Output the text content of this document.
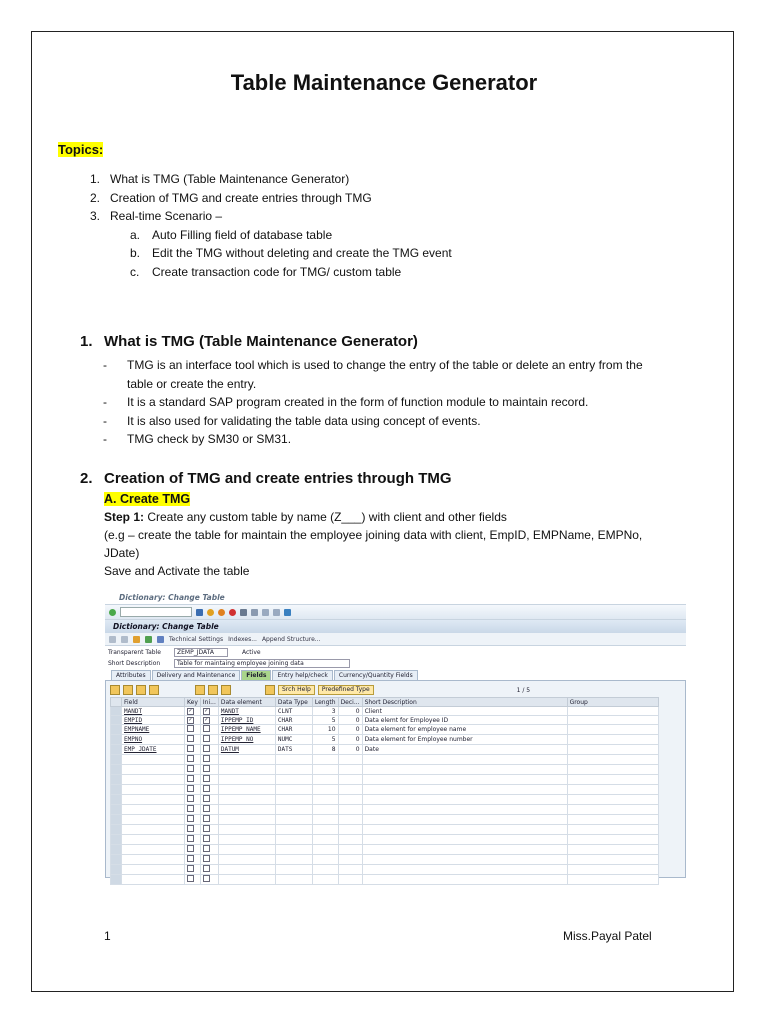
Table Maintenance Generator
Topics:
1. What is TMG (Table Maintenance Generator)
2. Creation of TMG and create entries through TMG
3. Real-time Scenario –
a. Auto Filling field of database table
b. Edit the TMG without deleting and create the TMG event
c.	Create transaction code for TMG/ custom table
1. What is TMG (Table Maintenance Generator)
-	TMG is an interface tool which is used to change the entry of the table or delete an entry from the table or create the entry.
-	It is a standard SAP program created in the form of function module to maintain record.
-	It is also used for validating the table data using concept of events.
-	TMG check by SM30 or SM31.
2. Creation of TMG and create entries through TMG
A. Create TMG
Step 1: Create any custom table by name (Z___) with client and other fields
(e.g – create the table for maintain the employee joining data with client, EmpID, EMPName, EMPNo, JDate)
Save and Activate the table
Dictionary: Change Table
Dictionary: Change Table
Technical Settings Indexes... Append Structure...
Transparent Table	ZEMP_JDATA	Active
Short Description	Table for maintaing employee joining data
Attributes	Delivery and Maintenance	Fields	Entry help/check	Currency/Quantity Fields
Srch Help	Predefined Type	1 / 5
	Field	Key	Ini...	Data element	Data Type	Length	Deci...	Short Description	Group
	MANDT	✓	✓	MANDT	CLNT	3	0	Client	
	EMPID	✓	✓	IPPEMP_ID	CHAR	5	0	Data elemt for Employee ID	
	EMPNAME			IPPEMP_NAME	CHAR	10	0	Data element for employee name	
	EMPNO			IPPEMP_NO	NUMC	5	0	Data element for Employee number	
	EMP_JDATE			DATUM	DATS	8	0	Date	

1	Miss.Payal Patel
